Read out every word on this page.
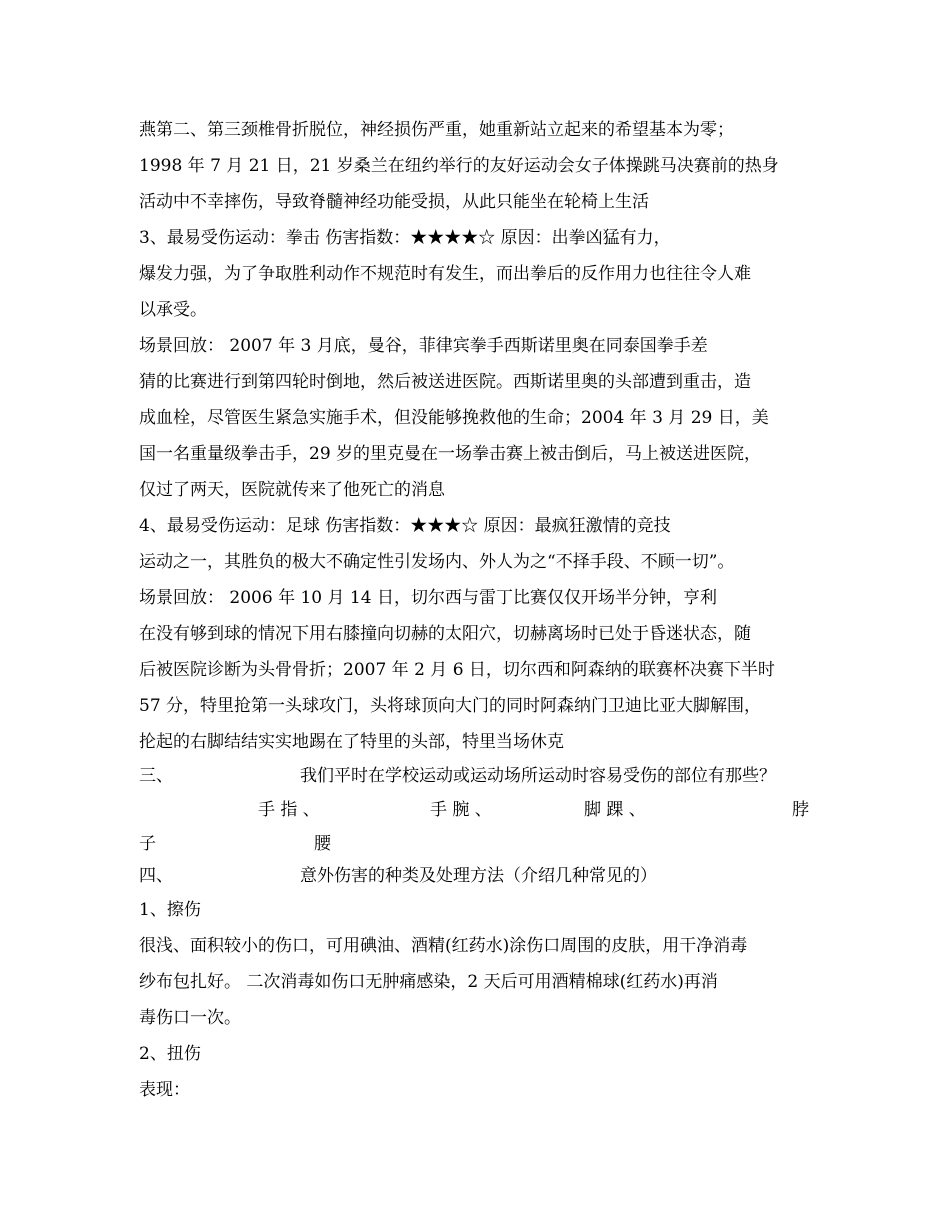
燕第二、第三颈椎骨折脱位，神经损伤严重，她重新站立起来的希望基本为零；
1998 年 7 月 21 日，21 岁桑兰在纽约举行的友好运动会女子体操跳马决赛前的热身
活动中不幸摔伤，导致脊髓神经功能受损，从此只能坐在轮椅上生活
3、最易受伤运动：拳击 伤害指数：★★★★☆ 原因：出拳凶猛有力，
爆发力强，为了争取胜利动作不规范时有发生，而出拳后的反作用力也往往令人难
以承受。
场景回放： 2007 年 3 月底，曼谷，菲律宾拳手西斯诺里奥在同泰国拳手差
猜的比赛进行到第四轮时倒地，然后被送进医院。西斯诺里奥的头部遭到重击，造
成血栓，尽管医生紧急实施手术，但没能够挽救他的生命；2004 年 3 月 29 日，美
国一名重量级拳击手，29 岁的里克曼在一场拳击赛上被击倒后，马上被送进医院，
仅过了两天，医院就传来了他死亡的消息
4、最易受伤运动：足球 伤害指数：★★★☆ 原因：最疯狂激情的竞技
运动之一，其胜负的极大不确定性引发场内、外人为之“不择手段、不顾一切”。
场景回放： 2006 年 10 月 14 日，切尔西与雷丁比赛仅仅开场半分钟，亨利
在没有够到球的情况下用右膝撞向切赫的太阳穴，切赫离场时已处于昏迷状态，随
后被医院诊断为头骨骨折；2007 年 2 月 6 日，切尔西和阿森纳的联赛杯决赛下半时
57 分，特里抢第一头球攻门，头将球顶向大门的同时阿森纳门卫迪比亚大脚解围，
抡起的右脚结结实实地踢在了特里的头部，特里当场休克
三、	我们平时在学校运动或运动场所运动时容易受伤的部位有那些？
手 指 、	手 腕 、	脚 踝 、	脖
子	腰
四、	意外伤害的种类及处理方法（介绍几种常见的）
1、擦伤
很浅、面积较小的伤口，可用碘油、酒精(红药水)涂伤口周围的皮肤，用干净消毒
纱布包扎好。 二次消毒如伤口无肿痛感染，2 天后可用酒精棉球(红药水)再消
毒伤口一次。
2、扭伤
表现：
